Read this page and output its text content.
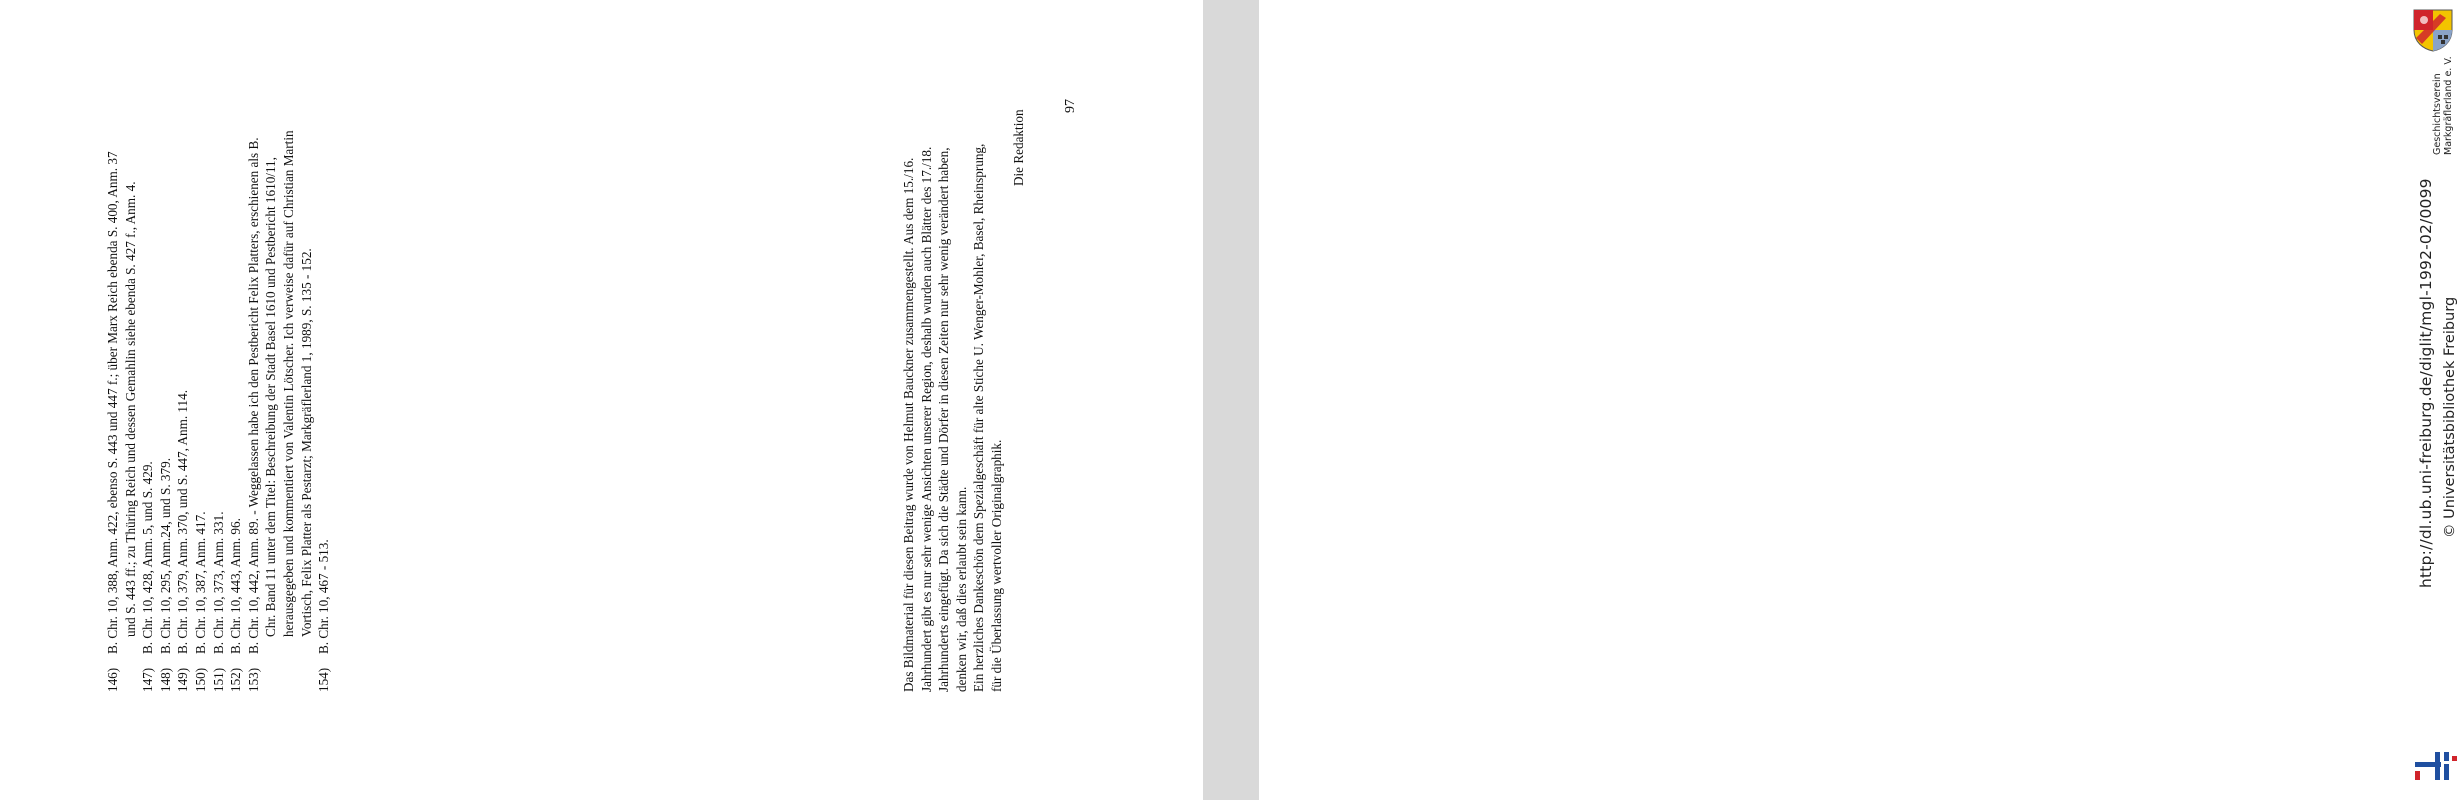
146)
B. Chr. 10, 388, Anm. 422, ebenso S. 443 und 447 f.; über Marx Reich ebenda S. 400, Anm. 37 und S. 443 ff.; zu Thüring Reich und dessen Gemahlin siehe ebenda S. 427 f., Anm. 4.
147)
B. Chr. 10, 428, Anm. 5, und S. 429.
148)
B. Chr. 10, 295, Anm.24, und S. 379.
149)
B. Chr. 10, 379, Anm. 370, und S. 447, Anm. 114.
150)
B. Chr. 10, 387, Anm. 417.
151)
B. Chr. 10, 373, Anm. 331.
152)
B. Chr. 10, 443, Anm. 96.
153)
B. Chr. 10, 442, Anm. 89. - Weggelassen habe ich den Pestbericht Felix Platters, erschienen als B. Chr. Band 11 unter dem Titel: Beschreibung der Stadt Basel 1610 und Pestbericht 1610/11, herausgegeben und kommentiert von Valentin Lötscher. Ich verweise dafür auf Christian Martin Vortisch, Felix Platter als Pestarzt; Markgräflerland 1, 1989, S. 135 - 152.
154)
B. Chr. 10, 467 - 513.	Das Bildmaterial für diesen Beitrag wurde von Helmut Bauckner zusammengestellt. Aus dem 15./16. Jahrhundert gibt es nur sehr wenige Ansichten unserer Region, deshalb wurden auch Blätter des 17./18. Jahrhunderts eingefügt. Da sich die Städte und Dörfer in diesen Zeiten nur sehr wenig verändert haben, denken wir, daß dies erlaubt sein kann. Ein herzliches Dankeschön dem Spezialgeschäft für alte Stiche U. Wenger-Mohler, Basel, Rheinsprung, für die Überlassung wertvoller Originalgraphik.
Die Redaktion
97	Geschichtsverein Markgräflerland e. V.
http://dl.ub.uni-freiburg.de/diglit/mgl-1992-02/0099 © Universitätsbibliothek Freiburg
